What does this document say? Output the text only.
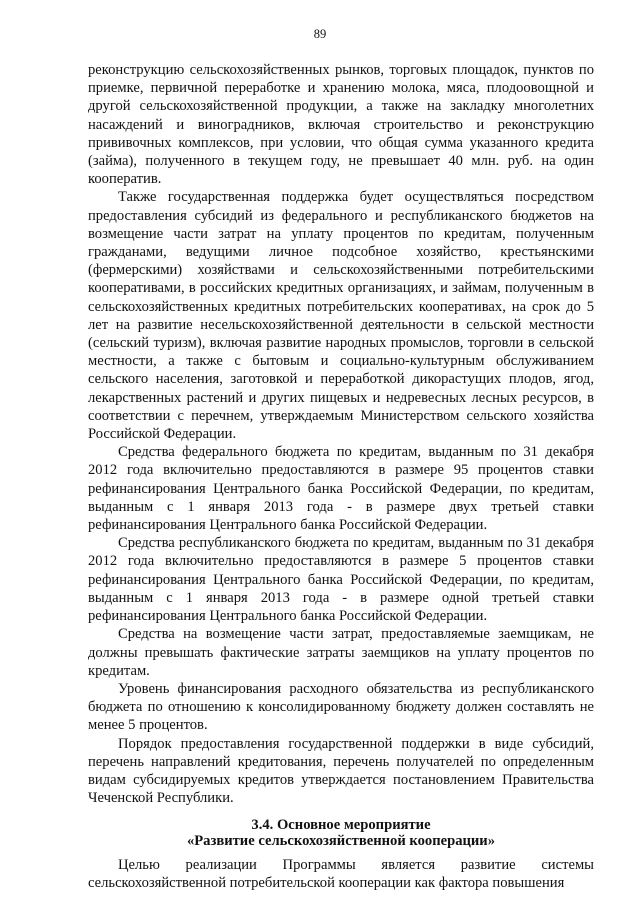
89

реконструкцию сельскохозяйственных рынков, торговых площадок, пунктов по приемке, первичной переработке и хранению молока, мяса, плодоовощной и другой сельскохозяйственной продукции, а также на закладку многолетних насаждений и виноградников, включая строительство и реконструкцию прививочных комплексов, при условии, что общая сумма указанного кредита (займа), полученного в текущем году, не превышает 40 млн. руб. на один кооператив.

Также государственная поддержка будет осуществляться посредством предоставления субсидий из федерального и республиканского бюджетов на возмещение части затрат на уплату процентов по кредитам, полученным гражданами, ведущими личное подсобное хозяйство, крестьянскими (фермерскими) хозяйствами и сельскохозяйственными потребительскими кооперативами, в российских кредитных организациях, и займам, полученным в сельскохозяйственных кредитных потребительских кооперативах, на срок до 5 лет на развитие несельскохозяйственной деятельности в сельской местности (сельский туризм), включая развитие народных промыслов, торговли в сельской местности, а также с бытовым и социально-культурным обслуживанием сельского населения, заготовкой и переработкой дикорастущих плодов, ягод, лекарственных растений и других пищевых и недревесных лесных ресурсов, в соответствии с перечнем, утверждаемым Министерством сельского хозяйства Российской Федерации.

Средства федерального бюджета по кредитам, выданным по 31 декабря 2012 года включительно предоставляются в размере 95 процентов ставки рефинансирования Центрального банка Российской Федерации, по кредитам, выданным с 1 января 2013 года - в размере двух третьей ставки рефинансирования Центрального банка Российской Федерации.

Средства республиканского бюджета по кредитам, выданным по 31 декабря 2012 года включительно предоставляются в размере 5 процентов ставки рефинансирования Центрального банка Российской Федерации, по кредитам, выданным с 1 января 2013 года - в размере одной третьей ставки рефинансирования Центрального банка Российской Федерации.

Средства на возмещение части затрат, предоставляемые заемщикам, не должны превышать фактические затраты заемщиков на уплату процентов по кредитам.

Уровень финансирования расходного обязательства из республиканского бюджета по отношению к консолидированному бюджету должен составлять не менее 5 процентов.

Порядок предоставления государственной поддержки в виде субсидий, перечень направлений кредитования, перечень получателей по определенным видам субсидируемых кредитов утверждается постановлением Правительства Чеченской Республики.

3.4. Основное мероприятие
«Развитие сельскохозяйственной кооперации»

Целью реализации Программы является развитие системы сельскохозяйственной потребительской кооперации как фактора повышения
